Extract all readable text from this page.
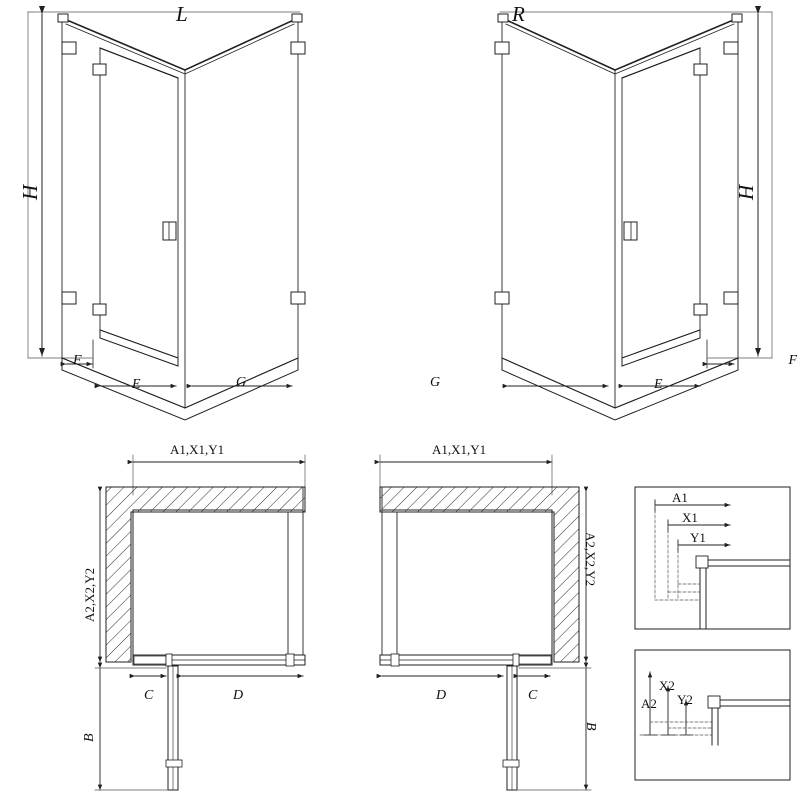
L	R
H	H
F
E	G	G	E
F
A1,X1,Y1	A1,X1,Y1
A2,X2,Y2
A2,X2,Y2
C	D	D	C
B
B
A1
X1
Y1
A2
X2
Y2
